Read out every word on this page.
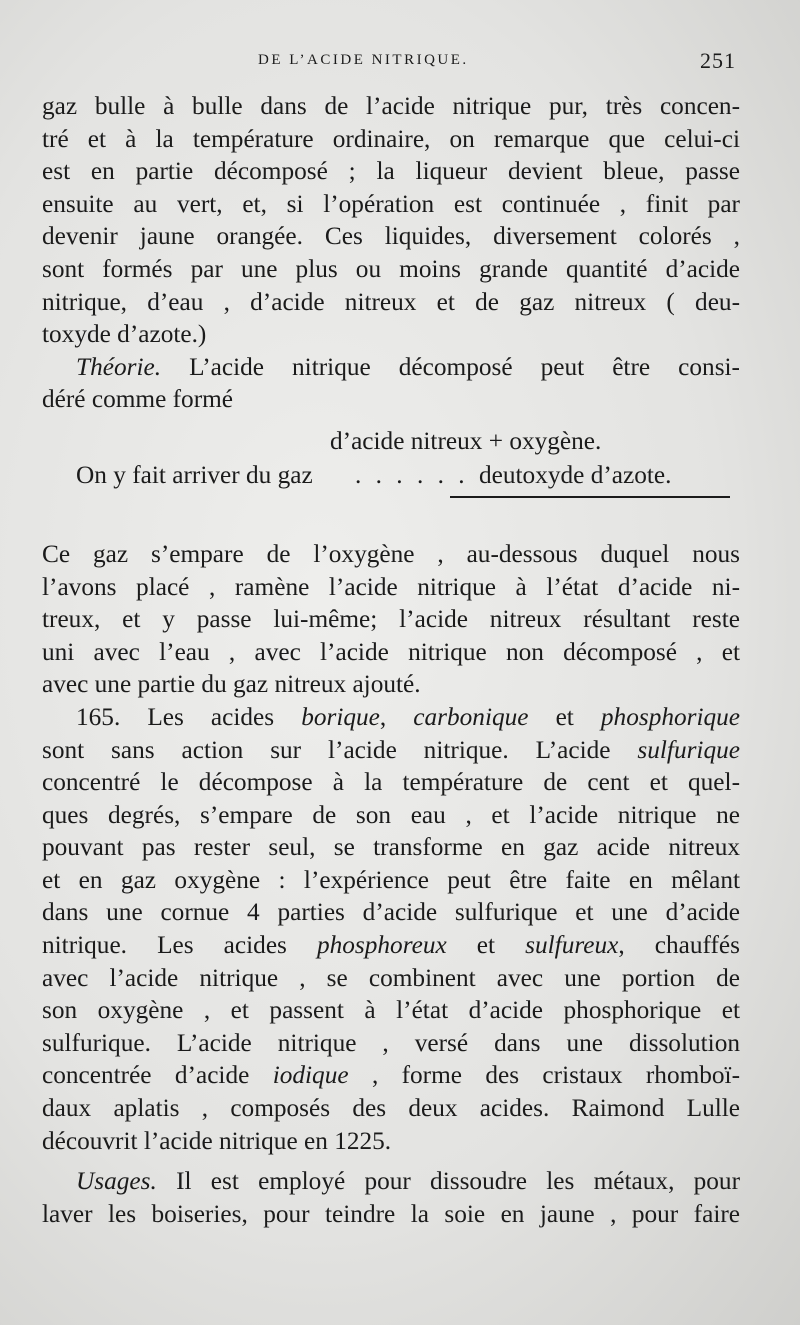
DE L’ACIDE NITRIQUE.	251
gaz bulle à bulle dans de l’acide nitrique pur, très concen-
tré et à la température ordinaire, on remarque que celui-ci
est en partie décomposé ; la liqueur devient bleue, passe
ensuite au vert, et, si l’opération est continuée , finit par
devenir jaune orangée. Ces liquides, diversement colorés ,
sont formés par une plus ou moins grande quantité d’acide
nitrique, d’eau , d’acide nitreux et de gaz nitreux ( deu-
toxyde d’azote.)
Théorie. L’acide nitrique décomposé peut être consi-
déré comme formé
d’acide nitreux + oxygène.
On y fait arriver du gaz . . . . . . deutoxyde d’azote.
Ce gaz s’empare de l’oxygène , au-dessous duquel nous
l’avons placé , ramène l’acide nitrique à l’état d’acide ni-
treux, et y passe lui-même; l’acide nitreux résultant reste
uni avec l’eau , avec l’acide nitrique non décomposé , et
avec une partie du gaz nitreux ajouté.
165. Les acides borique, carbonique et phosphorique
sont sans action sur l’acide nitrique. L’acide sulfurique
concentré le décompose à la température de cent et quel-
ques degrés, s’empare de son eau , et l’acide nitrique ne
pouvant pas rester seul, se transforme en gaz acide nitreux
et en gaz oxygène : l’expérience peut être faite en mêlant
dans une cornue 4 parties d’acide sulfurique et une d’acide
nitrique. Les acides phosphoreux et sulfureux, chauffés
avec l’acide nitrique , se combinent avec une portion de
son oxygène , et passent à l’état d’acide phosphorique et
sulfurique. L’acide nitrique , versé dans une dissolution
concentrée d’acide iodique , forme des cristaux rhomboï-
daux aplatis , composés des deux acides. Raimond Lulle
découvrit l’acide nitrique en 1225.
Usages. Il est employé pour dissoudre les métaux, pour
laver les boiseries, pour teindre la soie en jaune , pour faire
